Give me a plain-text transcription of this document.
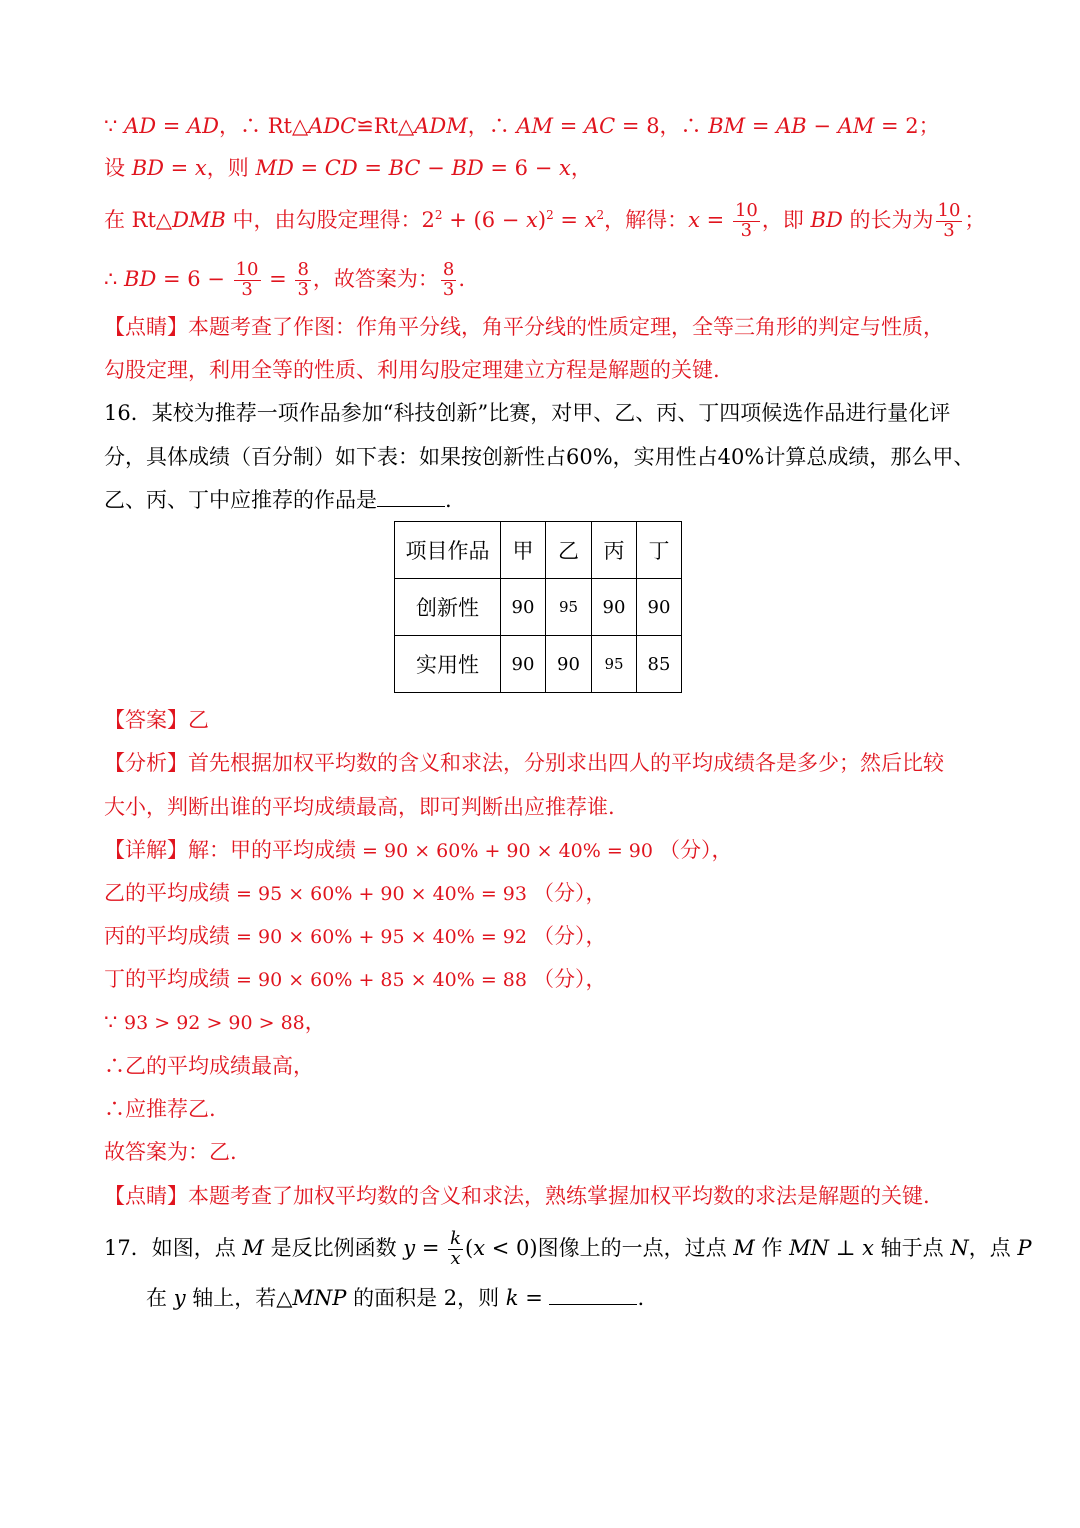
∵ AD = AD，∴ Rt△ADC≌Rt△ADM，∴ AM = AC = 8，∴ BM = AB − AM = 2；
设 BD = x，则 MD = CD = BC − BD = 6 − x，
在 Rt△DMB 中，由勾股定理得：$2^2 + (6 - x)^2 = x^2$，解得：$x = \frac{10}{3}$ ，即 BD 的长为为 $\frac{10}{3}$ ；
∴ BD = $6 - \frac{10}{3} = \frac{8}{3}$ ，故答案为： $\frac{8}{3}$ .
【点睛】本题考查了作图：作角平分线，角平分线的性质定理，全等三角形的判定与性质，
勾股定理，利用全等的性质、利用勾股定理建立方程是解题的关键.
16．某校为推荐一项作品参加“科技创新”比赛，对甲、乙、丙、丁四项候选作品进行量化评
分，具体成绩（百分制）如下表：如果按创新性占60%，实用性占40%计算总成绩，那么甲、
乙、丙、丁中应推荐的作品是	.
项目作品	甲	乙	丙	丁
创新性	90	95	90	90
实用性	90	90	95	85
【答案】乙
【分析】首先根据加权平均数的含义和求法，分别求出四人的平均成绩各是多少；然后比较
大小，判断出谁的平均成绩最高，即可判断出应推荐谁.
【详解】解：甲的平均成绩 = 90 × 60% + 90 × 40% = 90 （分），
乙的平均成绩 = 95 × 60% + 90 × 40% = 93 （分），
丙的平均成绩 = 90 × 60% + 95 × 40% = 92 （分），
丁的平均成绩 = 90 × 60% + 85 × 40% = 88 （分），
∵ 93 > 92 > 90 > 88，
∴乙的平均成绩最高，
∴应推荐乙.
故答案为：乙.
【点睛】本题考查了加权平均数的含义和求法，熟练掌握加权平均数的求法是解题的关键.
17．如图，点 M 是反比例函数 $y = \frac{k}{x} (x < 0)$图像上的一点，过点 M 作 MN ⊥ x 轴于点 N，点 P
在 y 轴上，若△MNP 的面积是 2，则 k =	.
